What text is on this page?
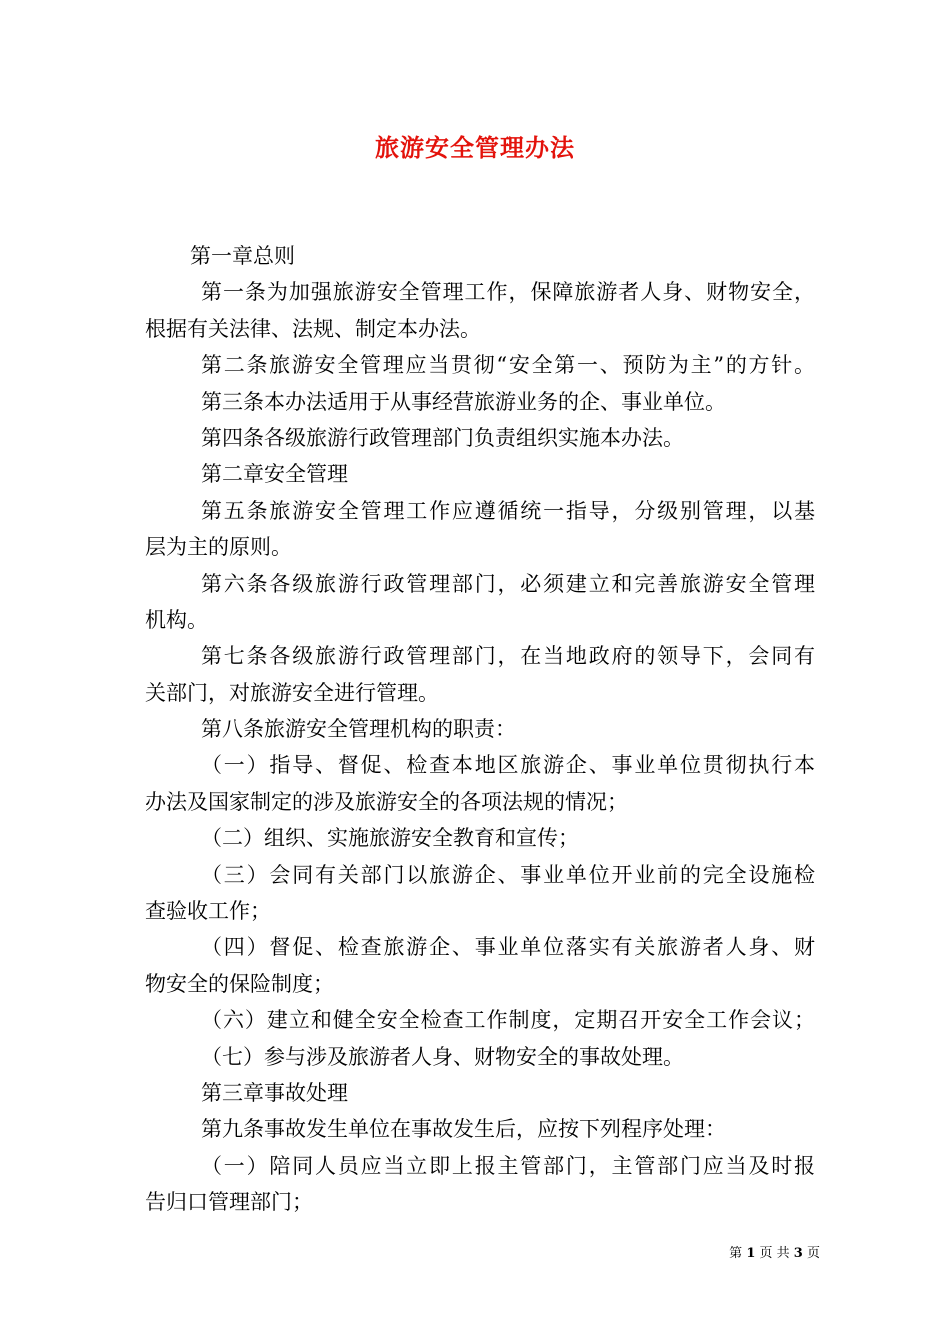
旅游安全管理办法
第一章总则
第一条为加强旅游安全管理工作，保障旅游者人身、财物安全，
根据有关法律、法规、制定本办法。
第二条旅游安全管理应当贯彻“安全第一、预防为主”的方针。
第三条本办法适用于从事经营旅游业务的企、事业单位。
第四条各级旅游行政管理部门负责组织实施本办法。
第二章安全管理
第五条旅游安全管理工作应遵循统一指导，分级别管理，以基
层为主的原则。
第六条各级旅游行政管理部门，必须建立和完善旅游安全管理
机构。
第七条各级旅游行政管理部门，在当地政府的领导下，会同有
关部门，对旅游安全进行管理。
第八条旅游安全管理机构的职责：
（一）指导、督促、检查本地区旅游企、事业单位贯彻执行本
办法及国家制定的涉及旅游安全的各项法规的情况；
（二）组织、实施旅游安全教育和宣传；
（三）会同有关部门以旅游企、事业单位开业前的完全设施检
查验收工作；
（四）督促、检查旅游企、事业单位落实有关旅游者人身、财
物安全的保险制度；
（六）建立和健全安全检查工作制度，定期召开安全工作会议；
（七）参与涉及旅游者人身、财物安全的事故处理。
第三章事故处理
第九条事故发生单位在事故发生后，应按下列程序处理：
（一）陪同人员应当立即上报主管部门，主管部门应当及时报
告归口管理部门；
第 1 页 共 3 页
